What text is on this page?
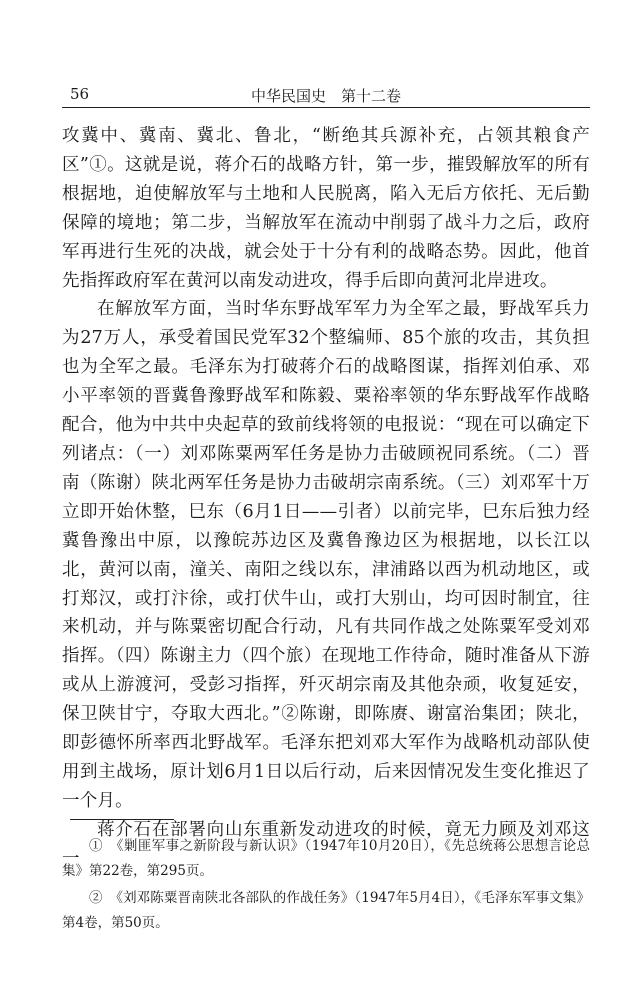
56	中华民国史　第十二卷

攻冀中、冀南、冀北、鲁北，“断绝其兵源补充，占领其粮食产区”①。这就是说，蒋介石的战略方针，第一步，摧毁解放军的所有根据地，迫使解放军与土地和人民脱离，陷入无后方依托、无后勤保障的境地；第二步，当解放军在流动中削弱了战斗力之后，政府军再进行生死的决战，就会处于十分有利的战略态势。因此，他首先指挥政府军在黄河以南发动进攻，得手后即向黄河北岸进攻。

在解放军方面，当时华东野战军军力为全军之最，野战军兵力为27万人，承受着国民党军32个整编师、85个旅的攻击，其负担也为全军之最。毛泽东为打破蒋介石的战略图谋，指挥刘伯承、邓小平率领的晋冀鲁豫野战军和陈毅、粟裕率领的华东野战军作战略配合，他为中共中央起草的致前线将领的电报说：“现在可以确定下列诸点：（一）刘邓陈粟两军任务是协力击破顾祝同系统。（二）晋南（陈谢）陕北两军任务是协力击破胡宗南系统。（三）刘邓军十万立即开始休整，巳东（6月1日——引者）以前完毕，巳东后独力经冀鲁豫出中原，以豫皖苏边区及冀鲁豫边区为根据地，以长江以北，黄河以南，潼关、南阳之线以东，津浦路以西为机动地区，或打郑汉，或打汴徐，或打伏牛山，或打大别山，均可因时制宜，往来机动，并与陈粟密切配合行动，凡有共同作战之处陈粟军受刘邓指挥。（四）陈谢主力（四个旅）在现地工作待命，随时准备从下游或从上游渡河，受彭习指挥，歼灭胡宗南及其他杂顽，收复延安，保卫陕甘宁，夺取大西北。”②陈谢，即陈赓、谢富治集团；陕北，即彭德怀所率西北野战军。毛泽东把刘邓大军作为战略机动部队使用到主战场，原计划6月1日以后行动，后来因情况发生变化推迟了一个月。

蒋介石在部署向山东重新发动进攻的时候，竟无力顾及刘邓这一

①　《剿匪军事之新阶段与新认识》（1947年10月20日），《先总统蒋公思想言论总集》第22卷，第295页。

②　《刘邓陈粟晋南陕北各部队的作战任务》（1947年5月4日），《毛泽东军事文集》第4卷，第50页。
